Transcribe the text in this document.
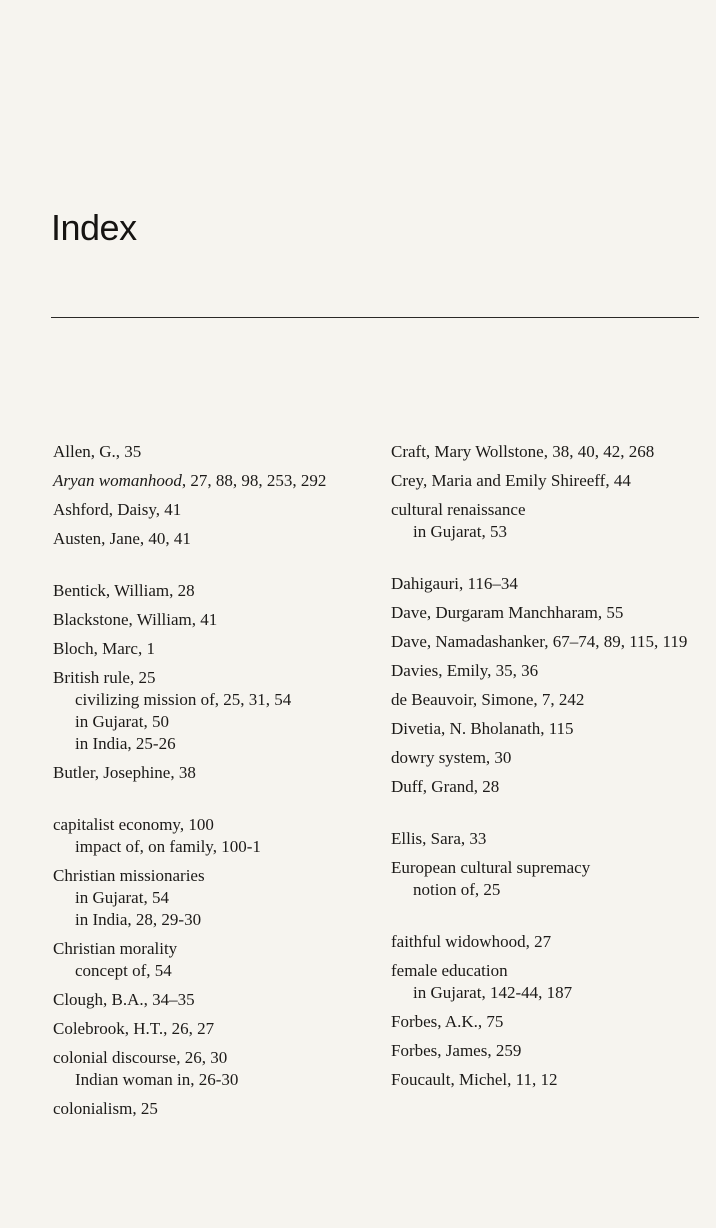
Index
Allen, G., 35
Aryan womanhood, 27, 88, 98, 253, 292
Ashford, Daisy, 41
Austen, Jane, 40, 41
Bentick, William, 28
Blackstone, William, 41
Bloch, Marc, 1
British rule, 25
civilizing mission of, 25, 31, 54
in Gujarat, 50
in India, 25-26
Butler, Josephine, 38
capitalist economy, 100
impact of, on family, 100-1
Christian missionaries
in Gujarat, 54
in India, 28, 29-30
Christian morality
concept of, 54
Clough, B.A., 34–35
Colebrook, H.T., 26, 27
colonial discourse, 26, 30
Indian woman in, 26-30
colonialism, 25
Craft, Mary Wollstone, 38, 40, 42, 268
Crey, Maria and Emily Shireeff, 44
cultural renaissance
in Gujarat, 53
Dahigauri, 116–34
Dave, Durgaram Manchharam, 55
Dave, Namadashanker, 67–74, 89, 115, 119
Davies, Emily, 35, 36
de Beauvoir, Simone, 7, 242
Divetia, N. Bholanath, 115
dowry system, 30
Duff, Grand, 28
Ellis, Sara, 33
European cultural supremacy
notion of, 25
faithful widowhood, 27
female education
in Gujarat, 142-44, 187
Forbes, A.K., 75
Forbes, James, 259
Foucault, Michel, 11, 12
